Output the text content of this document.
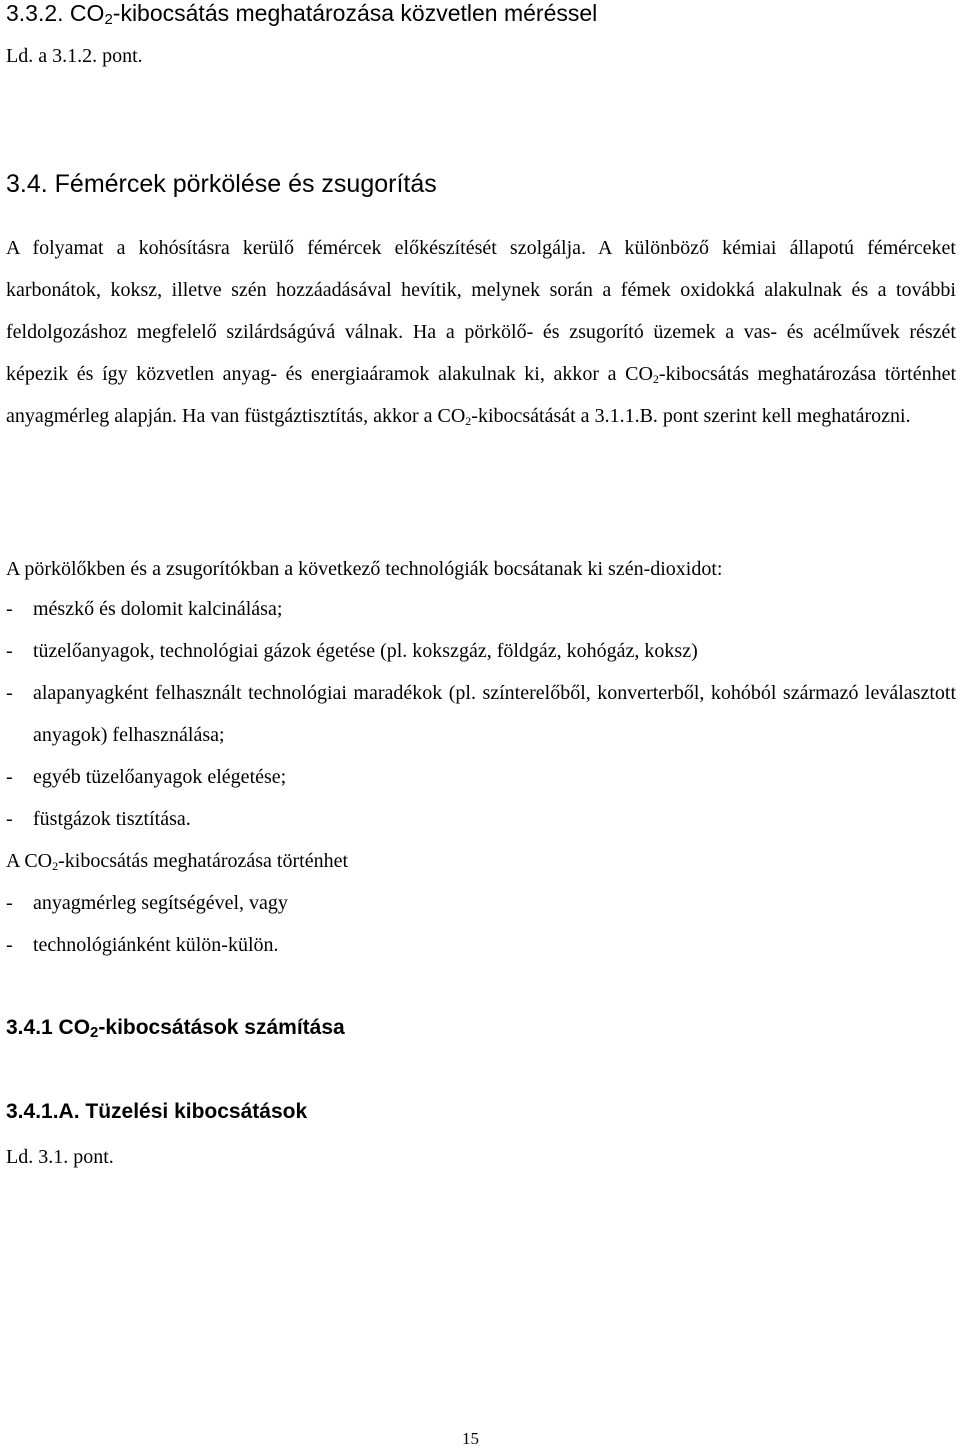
3.3.2. $CO_2$-kibocsátás meghatározása közvetlen méréssel
Ld. a 3.1.2. pont.
3.4. Fémércek pörkölése és zsugorítás

A folyamat a kohósításra kerülő fémércek előkészítését szolgálja. A különböző kémiai állapotú fémérceket karbonátok, koksz, illetve szén hozzáadásával hevítik, melynek során a fémek oxidokká alakulnak és a további feldolgozáshoz megfelelő szilárdságúvá válnak. Ha a pörkölő- és zsugorító üzemek a vas- és acélművek részét képezik és így közvetlen anyag- és energiaáramok alakulnak ki, akkor a $CO_2$-kibocsátás meghatározása történhet anyagmérleg alapján. Ha van füstgáztisztítás, akkor a $CO_2$-kibocsátását a 3.1.1.B. pont szerint kell meghatározni.

A pörkölőkben és a zsugorítókban a következő technológiák bocsátanak ki szén-dioxidot:
- mészkő és dolomit kalcinálása;
- tüzelőanyagok, technológiai gázok égetése (pl. kokszgáz, földgáz, kohógáz, koksz)
- alapanyagként felhasznált technológiai maradékok (pl. színterelőből, konverterből, kohóból származó leválasztott anyagok) felhasználása;
- egyéb tüzelőanyagok elégetése;
- füstgázok tisztítása.
A $CO_2$-kibocsátás meghatározása történhet
- anyagmérleg segítségével, vagy
- technológiánként külön-külön.
3.4.1 $CO_2$-kibocsátások számítása
3.4.1.A. Tüzelési kibocsátások
Ld. 3.1. pont.
15
